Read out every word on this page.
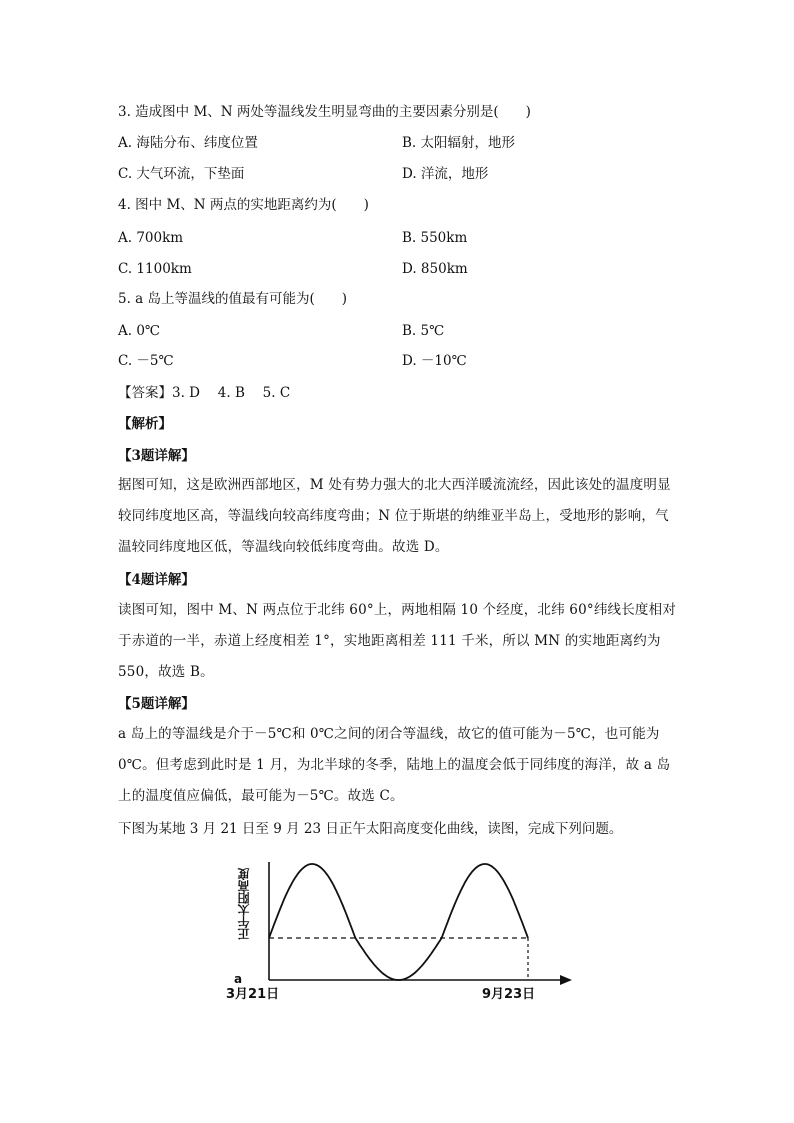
3. 造成图中 M、N 两处等温线发生明显弯曲的主要因素分别是(　　)
A. 海陆分布、纬度位置	B. 太阳辐射，地形
C. 大气环流，下垫面	D. 洋流，地形
4. 图中 M、N 两点的实地距离约为(　　)
A. 700km	B. 550km
C. 1100km	D. 850km
5. a 岛上等温线的值最有可能为(　　)
A. 0℃	B. 5℃
C. －5℃	D. －10℃
【答案】3. D　 4. B　 5. C
【解析】
【3题详解】
据图可知，这是欧洲西部地区，M 处有势力强大的北大西洋暖流流经，因此该处的温度明显较同纬度地区高，等温线向较高纬度弯曲；N 位于斯堪的纳维亚半岛上，受地形的影响，气温较同纬度地区低，等温线向较低纬度弯曲。故选 D。
【4题详解】
读图可知，图中 M、N 两点位于北纬 60°上，两地相隔 10 个经度，北纬 60°纬线长度相对于赤道的一半，赤道上经度相差 1°，实地距离相差 111 千米，所以 MN 的实地距离约为 550，故选 B。
【5题详解】
a 岛上的等温线是介于－5℃和 0℃之间的闭合等温线，故它的值可能为－5℃，也可能为 0℃。但考虑到此时是 1 月，为北半球的冬季，陆地上的温度会低于同纬度的海洋，故 a 岛上的温度值应偏低，最可能为－5℃。故选 C。
下图为某地 3 月 21 日至 9 月 23 日正午太阳高度变化曲线，读图，完成下列问题。
正午太阳高度
a
3月21日	9月23日
